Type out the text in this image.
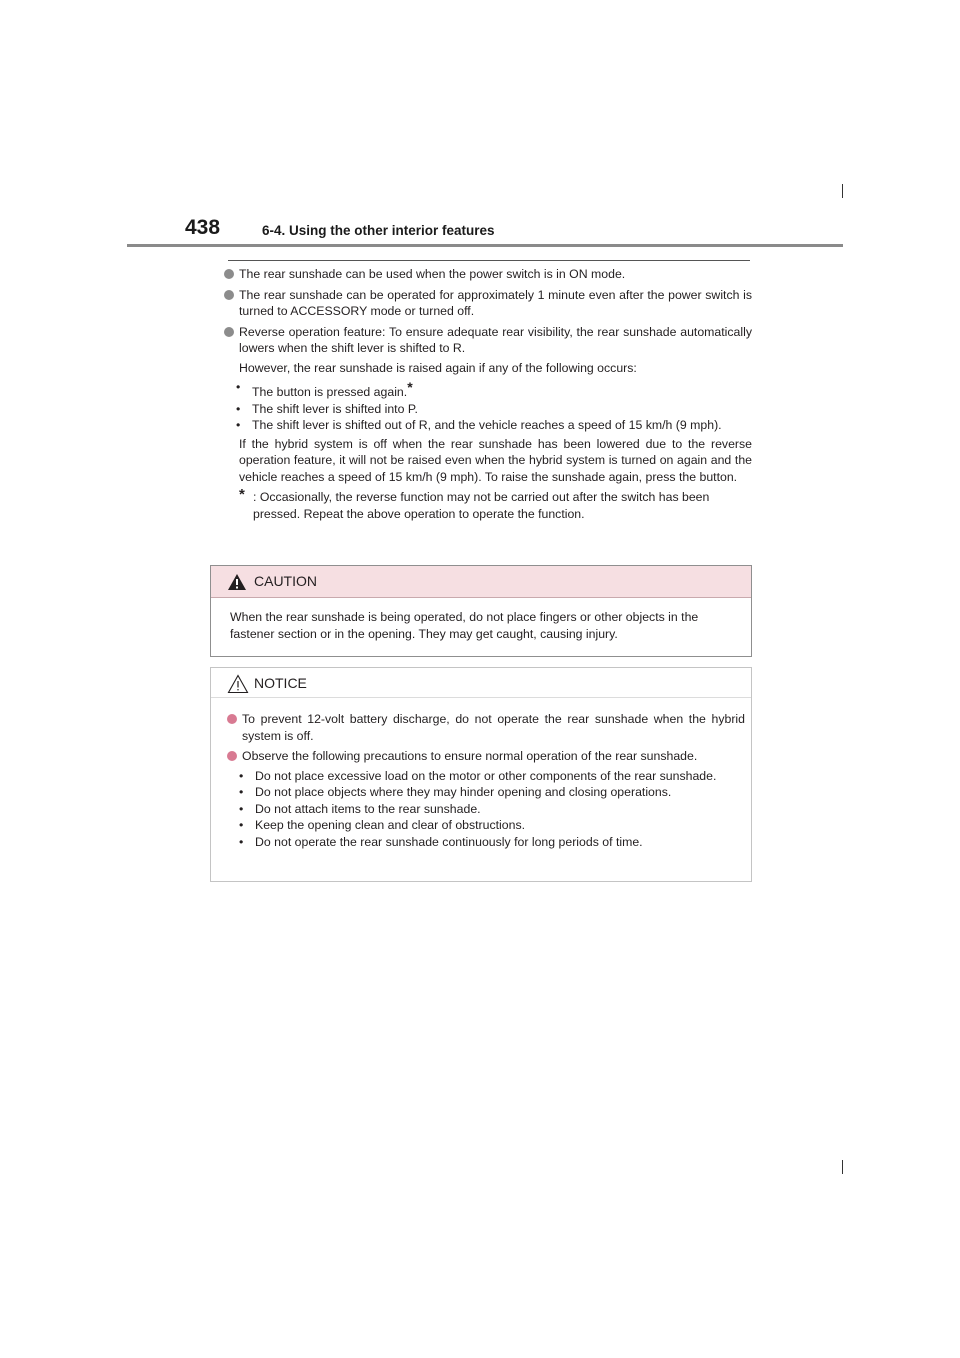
438	6-4. Using the other interior features
The rear sunshade can be used when the power switch is in ON mode.
The rear sunshade can be operated for approximately 1 minute even after the power switch is turned to ACCESSORY mode or turned off.
Reverse operation feature: To ensure adequate rear visibility, the rear sunshade automatically lowers when the shift lever is shifted to R.

However, the rear sunshade is raised again if any of the following occurs:

• The button is pressed again.*
• The shift lever is shifted into P.
• The shift lever is shifted out of R, and the vehicle reaches a speed of 15 km/h (9 mph).

If the hybrid system is off when the rear sunshade has been lowered due to the reverse operation feature, it will not be raised even when the hybrid system is turned on again and the vehicle reaches a speed of 15 km/h (9 mph). To raise the sunshade again, press the button.

* : Occasionally, the reverse function may not be carried out after the switch has been pressed. Repeat the above operation to operate the function.
CAUTION
When the rear sunshade is being operated, do not place fingers or other objects in the fastener section or in the opening. They may get caught, causing injury.
NOTICE
To prevent 12-volt battery discharge, do not operate the rear sunshade when the hybrid system is off.
Observe the following precautions to ensure normal operation of the rear sunshade.
• Do not place excessive load on the motor or other components of the rear sunshade.
• Do not place objects where they may hinder opening and closing operations.
• Do not attach items to the rear sunshade.
• Keep the opening clean and clear of obstructions.
• Do not operate the rear sunshade continuously for long periods of time.
